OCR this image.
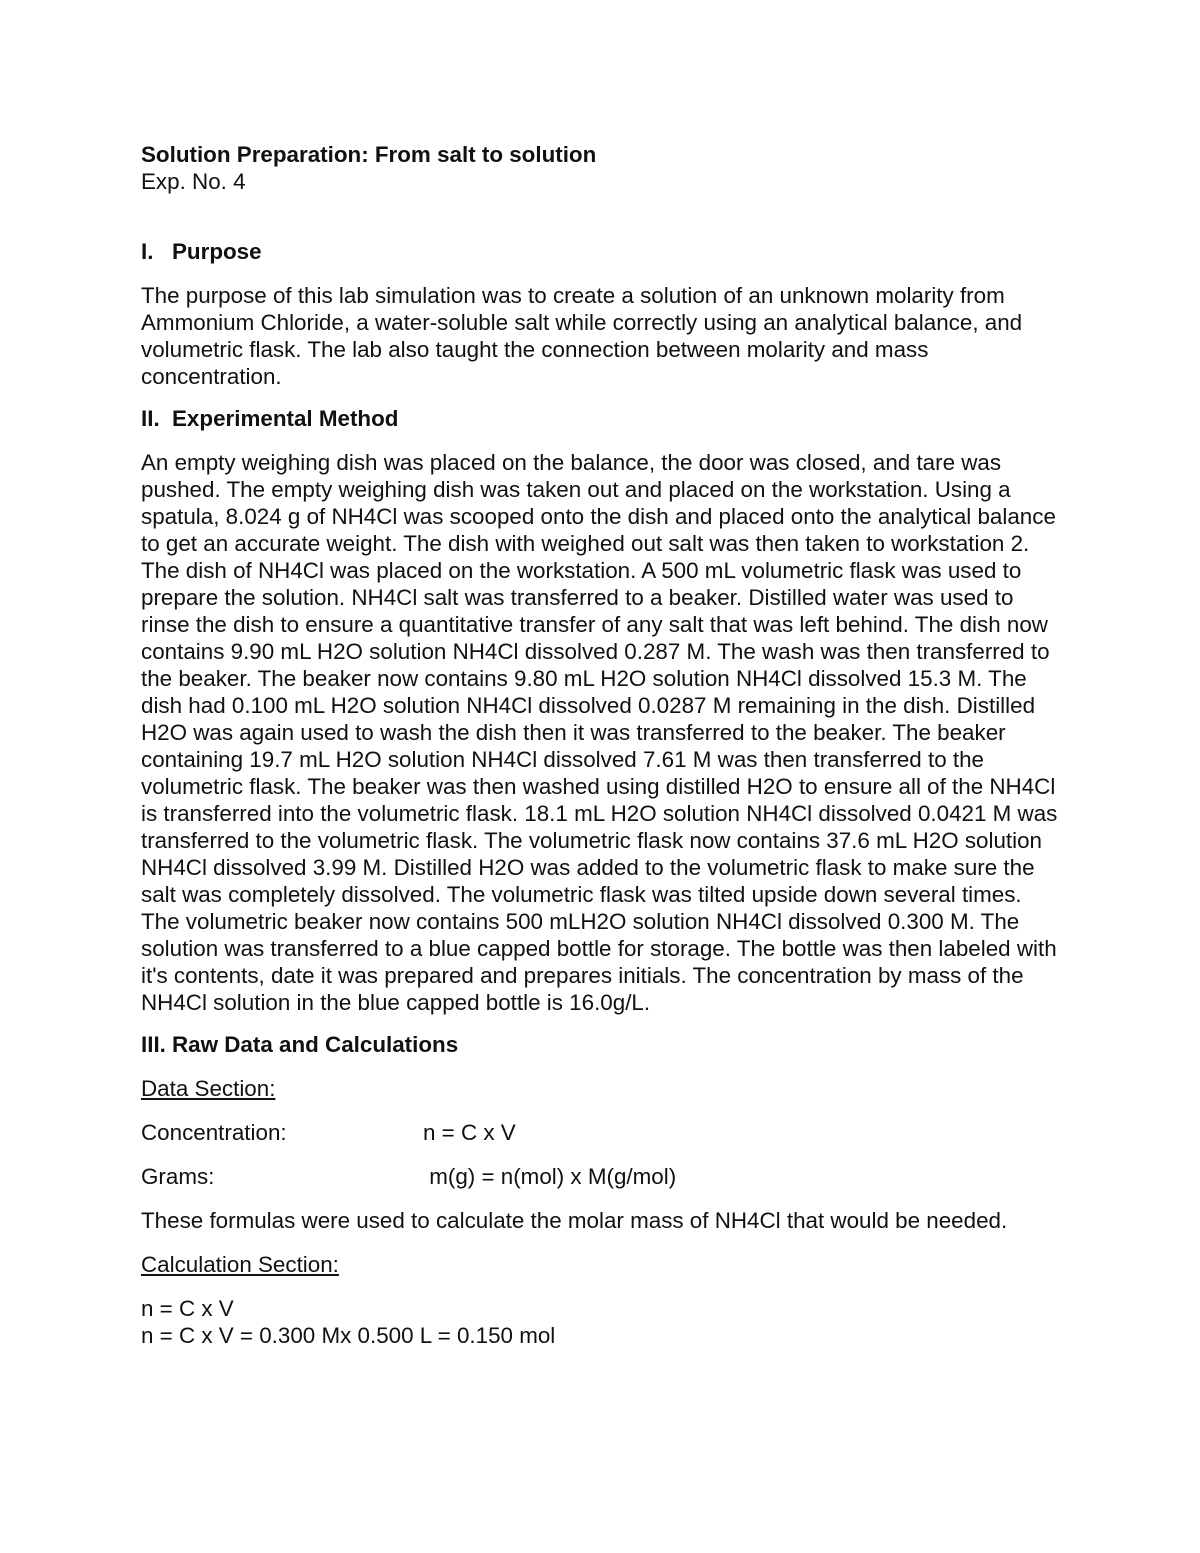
Solution Preparation: From salt to solution

Exp. No. 4

I. Purpose

The purpose of this lab simulation was to create a solution of an unknown molarity from Ammonium Chloride, a water-soluble salt while correctly using an analytical balance, and volumetric flask. The lab also taught the connection between molarity and mass concentration.

II. Experimental Method

An empty weighing dish was placed on the balance, the door was closed, and tare was pushed. The empty weighing dish was taken out and placed on the workstation. Using a spatula, 8.024 g of NH4Cl was scooped onto the dish and placed onto the analytical balance to get an accurate weight. The dish with weighed out salt was then taken to workstation 2. The dish of NH4Cl was placed on the workstation. A 500 mL volumetric flask was used to prepare the solution. NH4Cl salt was transferred to a beaker. Distilled water was used to rinse the dish to ensure a quantitative transfer of any salt that was left behind. The dish now contains 9.90 mL H2O solution NH4Cl dissolved 0.287 M. The wash was then transferred to the beaker. The beaker now contains 9.80 mL H2O solution NH4Cl dissolved 15.3 M. The dish had 0.100 mL H2O solution NH4Cl dissolved 0.0287 M remaining in the dish. Distilled H2O was again used to wash the dish then it was transferred to the beaker. The beaker containing 19.7 mL H2O solution NH4Cl dissolved 7.61 M was then transferred to the volumetric flask. The beaker was then washed using distilled H2O to ensure all of the NH4Cl is transferred into the volumetric flask. 18.1 mL H2O solution NH4Cl dissolved 0.0421 M was transferred to the volumetric flask. The volumetric flask now contains 37.6 mL H2O solution NH4Cl dissolved 3.99 M. Distilled H2O was added to the volumetric flask to make sure the salt was completely dissolved. The volumetric flask was tilted upside down several times. The volumetric beaker now contains 500 mLH2O solution NH4Cl dissolved 0.300 M. The solution was transferred to a blue capped bottle for storage. The bottle was then labeled with it's contents, date it was prepared and prepares initials. The concentration by mass of the NH4Cl solution in the blue capped bottle is 16.0g/L.

III. Raw Data and Calculations

Data Section:

Concentration:	n = C x V

Grams:	m(g) = n(mol) x M(g/mol)

These formulas were used to calculate the molar mass of NH4Cl that would be needed.

Calculation Section:

n = C x V

n = C x V = 0.300 Mx 0.500 L = 0.150 mol
